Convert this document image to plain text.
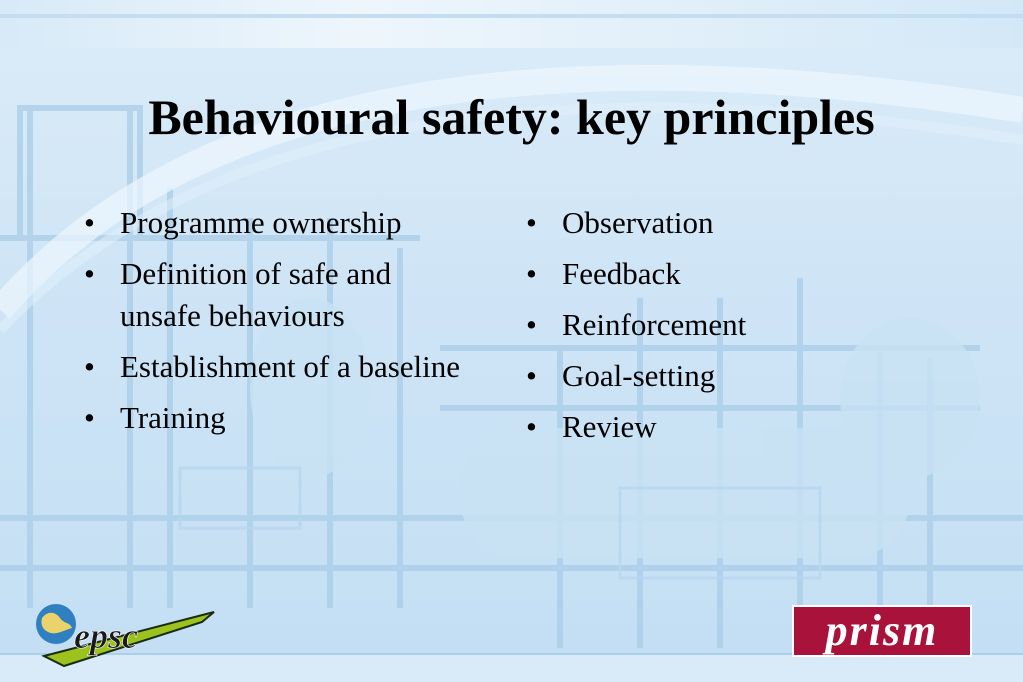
Behavioural safety: key principles
• Programme ownership
• Definition of safe and unsafe behaviours
• Establishment of a baseline
• Training
• Observation
• Feedback
• Reinforcement
• Goal-setting
• Review
epsc	prism
